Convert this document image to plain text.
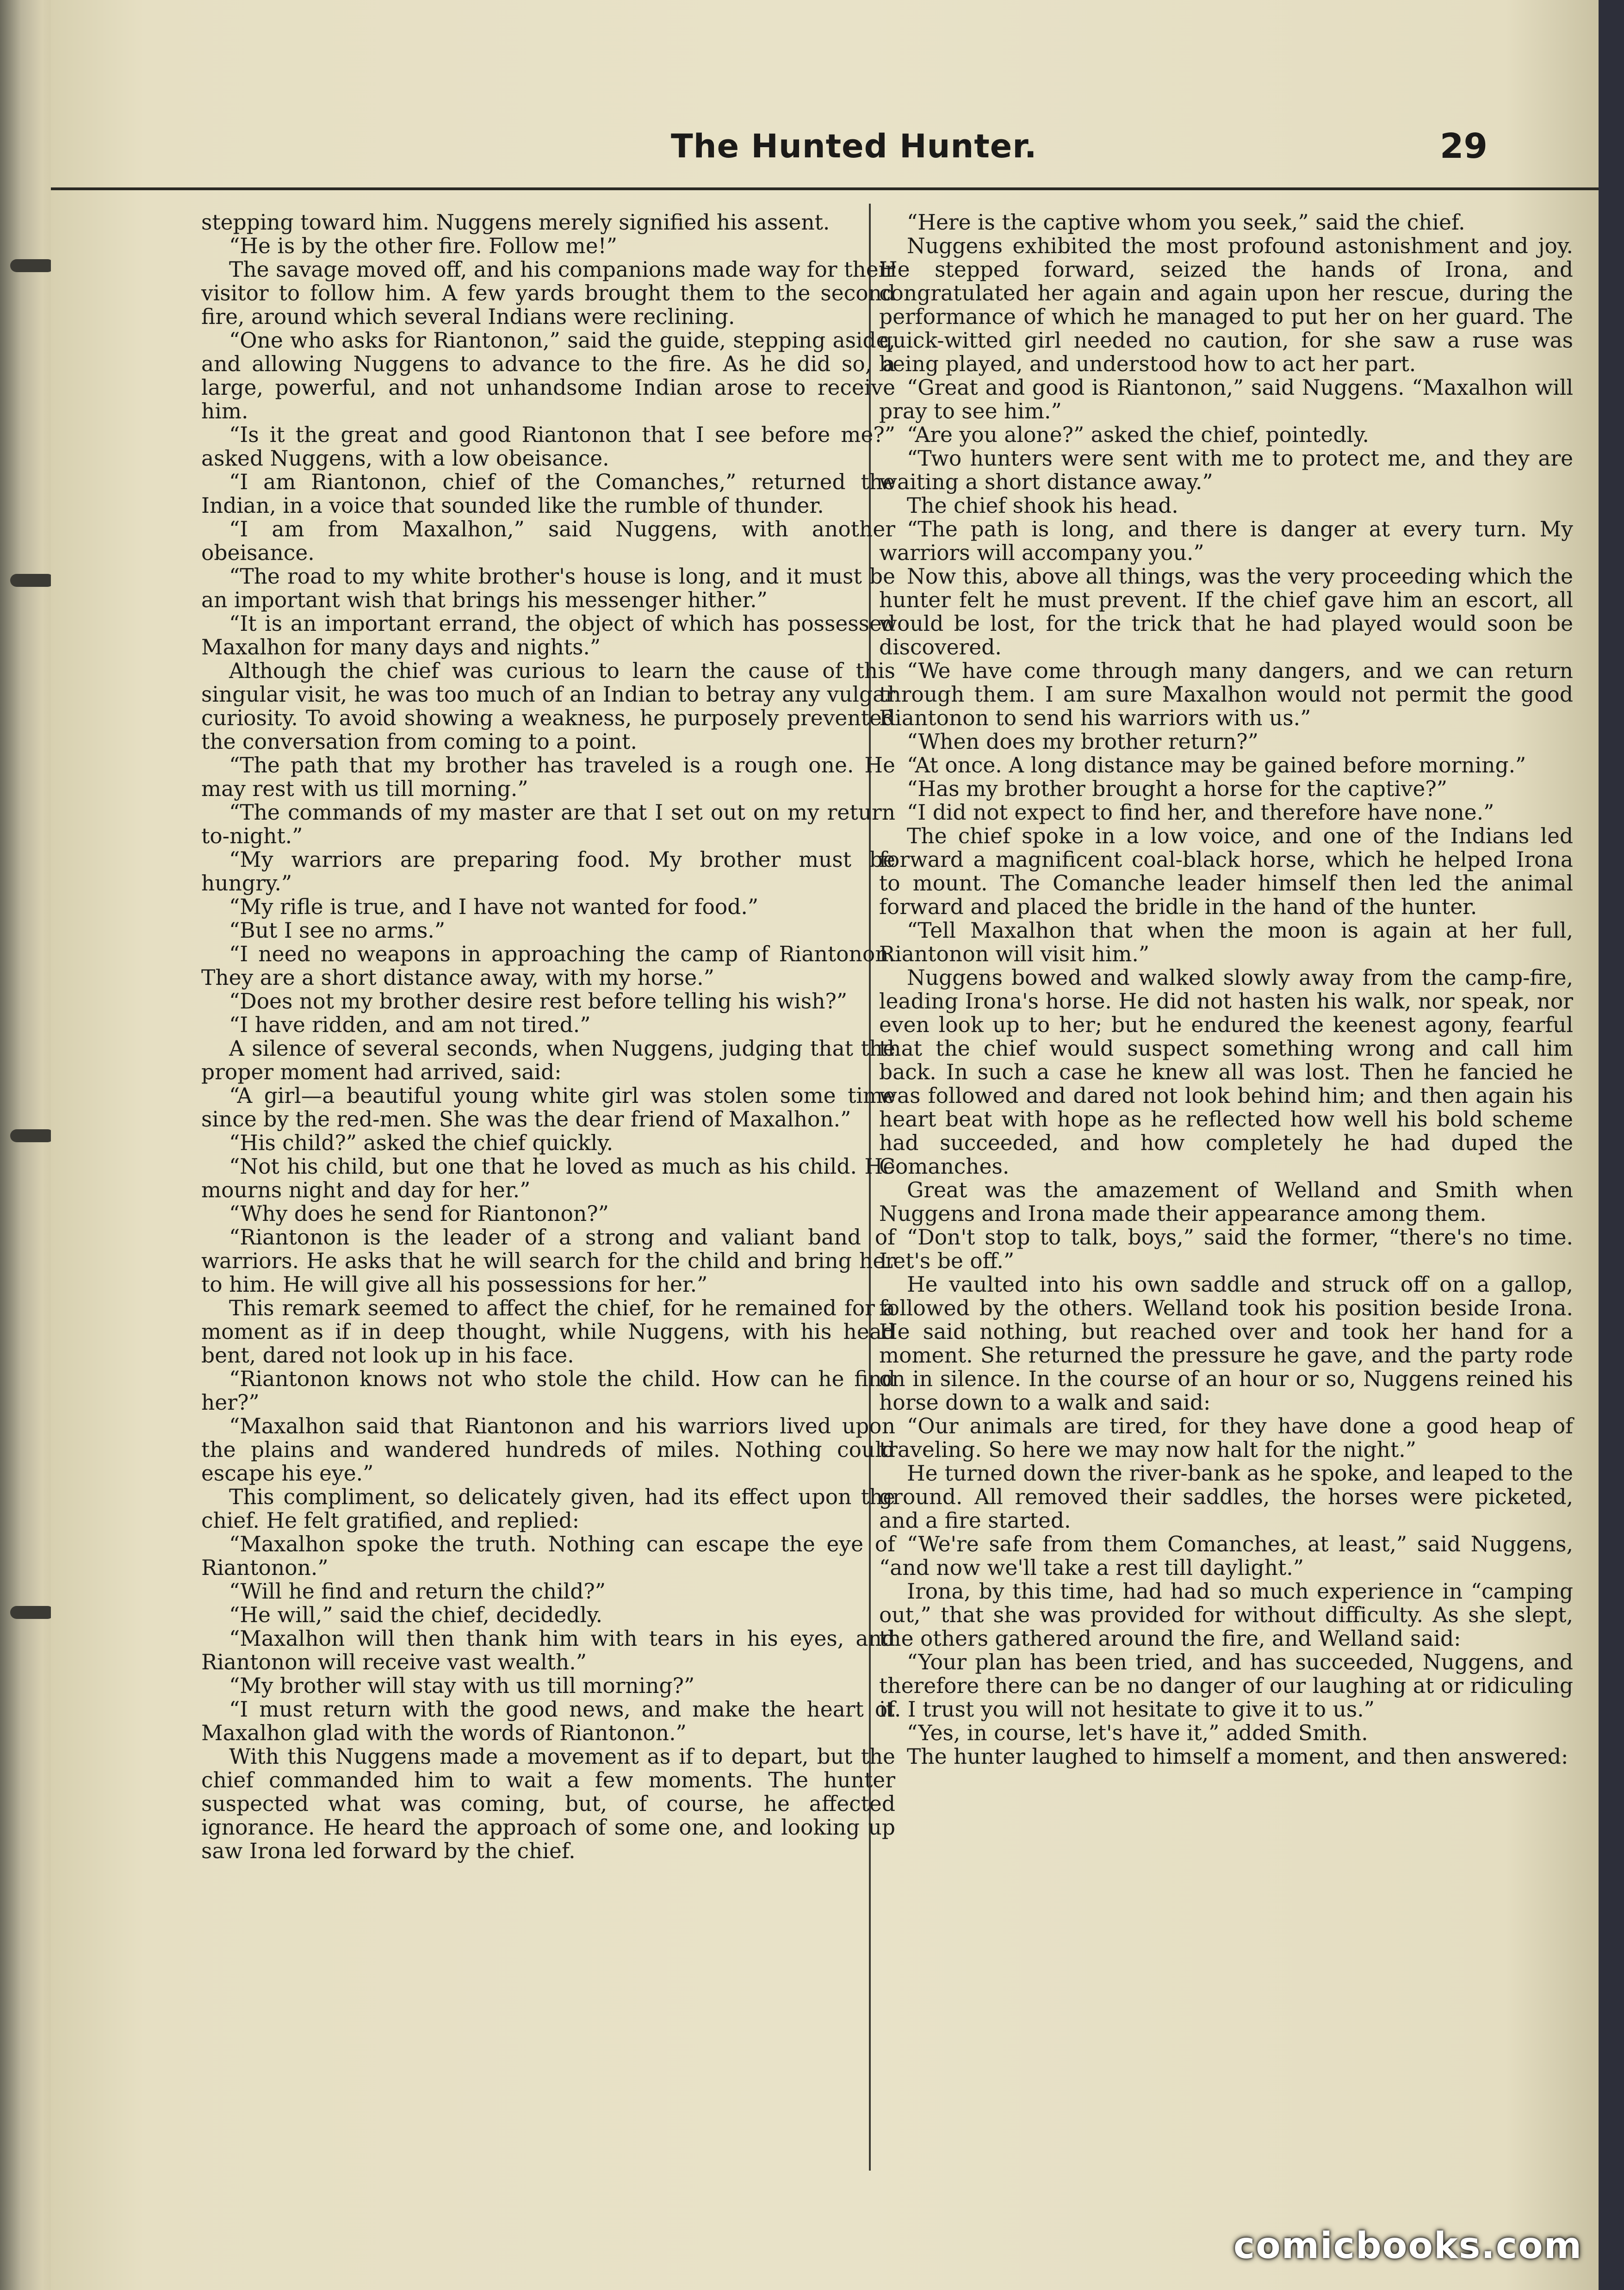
The Hunted Hunter.	29

stepping toward him. Nuggens merely signified his assent.

“He is by the other fire. Follow me!”

The savage moved off, and his companions made way for their visitor to follow him. A few yards brought them to the second fire, around which several Indians were reclining.

“One who asks for Riantonon,” said the guide, stepping aside, and allowing Nuggens to advance to the fire. As he did so, a large, powerful, and not unhandsome Indian arose to receive him.

“Is it the great and good Riantonon that I see before me?” asked Nuggens, with a low obeisance.

“I am Riantonon, chief of the Comanches,” returned the Indian, in a voice that sounded like the rumble of thunder.

“I am from Maxalhon,” said Nuggens, with another obeisance.

“The road to my white brother's house is long, and it must be an important wish that brings his messenger hither.”

“It is an important errand, the object of which has possessed Maxalhon for many days and nights.”

Although the chief was curious to learn the cause of this singular visit, he was too much of an Indian to betray any vulgar curiosity. To avoid showing a weakness, he purposely prevented the conversation from coming to a point.

“The path that my brother has traveled is a rough one. He may rest with us till morning.”

“The commands of my master are that I set out on my return to-night.”

“My warriors are preparing food. My brother must be hungry.”

“My rifle is true, and I have not wanted for food.”

“But I see no arms.”

“I need no weapons in approaching the camp of Riantonon. They are a short distance away, with my horse.”

“Does not my brother desire rest before telling his wish?”

“I have ridden, and am not tired.”

A silence of several seconds, when Nuggens, judging that the proper moment had arrived, said:

“A girl—a beautiful young white girl was stolen some time since by the red-men. She was the dear friend of Maxalhon.”

“His child?” asked the chief quickly.

“Not his child, but one that he loved as much as his child. He mourns night and day for her.”

“Why does he send for Riantonon?”

“Riantonon is the leader of a strong and valiant band of warriors. He asks that he will search for the child and bring her to him. He will give all his possessions for her.”

This remark seemed to affect the chief, for he remained for a moment as if in deep thought, while Nuggens, with his head bent, dared not look up in his face.

“Riantonon knows not who stole the child. How can he find her?”

“Maxalhon said that Riantonon and his warriors lived upon the plains and wandered hundreds of miles. Nothing could escape his eye.”

This compliment, so delicately given, had its effect upon the chief. He felt gratified, and replied:

“Maxalhon spoke the truth. Nothing can escape the eye of Riantonon.”

“Will he find and return the child?”

“He will,” said the chief, decidedly.

“Maxalhon will then thank him with tears in his eyes, and Riantonon will receive vast wealth.”

“My brother will stay with us till morning?”

“I must return with the good news, and make the heart of Maxalhon glad with the words of Riantonon.”

With this Nuggens made a movement as if to depart, but the chief commanded him to wait a few moments. The hunter suspected what was coming, but, of course, he affected ignorance. He heard the approach of some one, and looking up saw Irona led forward by the chief.

“Here is the captive whom you seek,” said the chief.

Nuggens exhibited the most profound astonishment and joy. He stepped forward, seized the hands of Irona, and congratulated her again and again upon her rescue, during the performance of which he managed to put her on her guard. The quick-witted girl needed no caution, for she saw a ruse was being played, and understood how to act her part.

“Great and good is Riantonon,” said Nuggens. “Maxalhon will pray to see him.”

“Are you alone?” asked the chief, pointedly.

“Two hunters were sent with me to protect me, and they are waiting a short distance away.”

The chief shook his head.

“The path is long, and there is danger at every turn. My warriors will accompany you.”

Now this, above all things, was the very proceeding which the hunter felt he must prevent. If the chief gave him an escort, all would be lost, for the trick that he had played would soon be discovered.

“We have come through many dangers, and we can return through them. I am sure Maxalhon would not permit the good Riantonon to send his warriors with us.”

“When does my brother return?”

“At once. A long distance may be gained before morning.”

“Has my brother brought a horse for the captive?”

“I did not expect to find her, and therefore have none.”

The chief spoke in a low voice, and one of the Indians led forward a magnificent coal-black horse, which he helped Irona to mount. The Comanche leader himself then led the animal forward and placed the bridle in the hand of the hunter.

“Tell Maxalhon that when the moon is again at her full, Riantonon will visit him.”

Nuggens bowed and walked slowly away from the camp-fire, leading Irona's horse. He did not hasten his walk, nor speak, nor even look up to her; but he endured the keenest agony, fearful that the chief would suspect something wrong and call him back. In such a case he knew all was lost. Then he fancied he was followed and dared not look behind him; and then again his heart beat with hope as he reflected how well his bold scheme had succeeded, and how completely he had duped the Comanches.

Great was the amazement of Welland and Smith when Nuggens and Irona made their appearance among them.

“Don't stop to talk, boys,” said the former, “there's no time. Let's be off.”

He vaulted into his own saddle and struck off on a gallop, followed by the others. Welland took his position beside Irona. He said nothing, but reached over and took her hand for a moment. She returned the pressure he gave, and the party rode on in silence. In the course of an hour or so, Nuggens reined his horse down to a walk and said:

“Our animals are tired, for they have done a good heap of traveling. So here we may now halt for the night.”

He turned down the river-bank as he spoke, and leaped to the ground. All removed their saddles, the horses were picketed, and a fire started.

“We're safe from them Comanches, at least,” said Nuggens, “and now we'll take a rest till daylight.”

Irona, by this time, had had so much experience in “camping out,” that she was provided for without difficulty. As she slept, the others gathered around the fire, and Welland said:

“Your plan has been tried, and has succeeded, Nuggens, and therefore there can be no danger of our laughing at or ridiculing it. I trust you will not hesitate to give it to us.”

“Yes, in course, let's have it,” added Smith.

The hunter laughed to himself a moment, and then answered:

comicbooks.com
